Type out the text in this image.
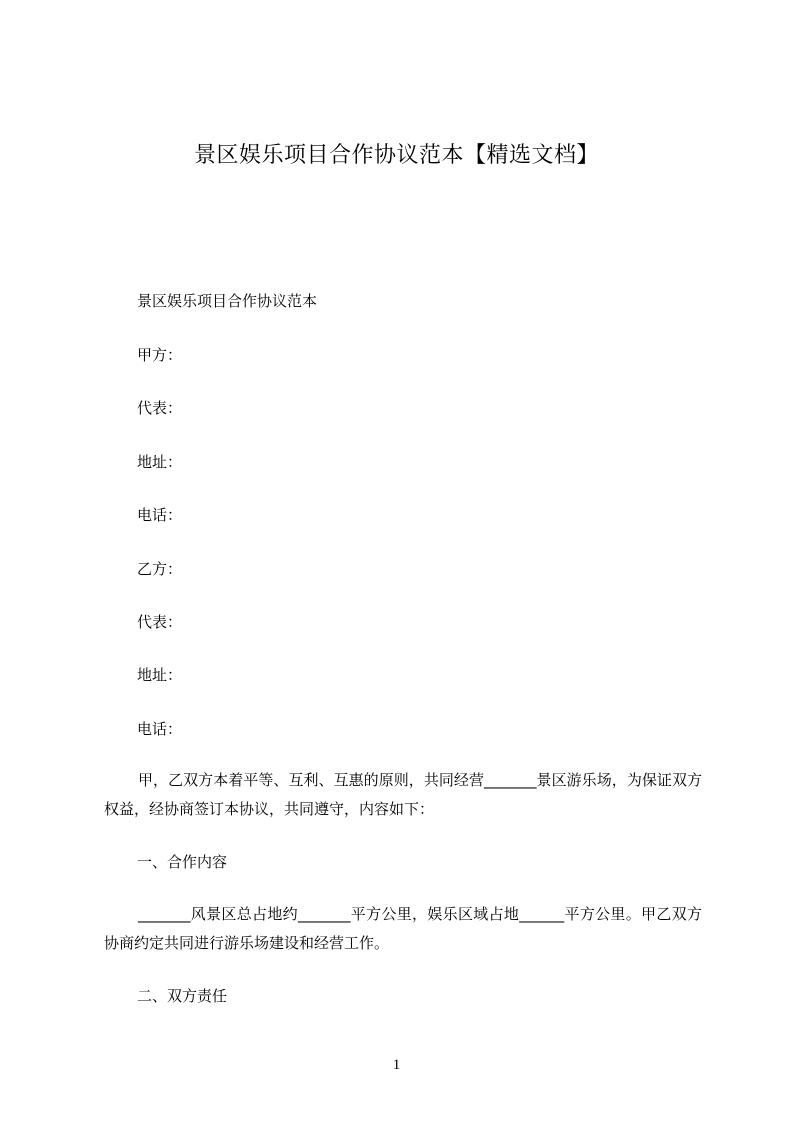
景区娱乐项目合作协议范本【精选文档】
景区娱乐项目合作协议范本
甲方：
代表：
地址：
电话：
乙方：
代表：
地址：
电话：
甲，乙双方本着平等、互利、互惠的原则，共同经营_______景区游乐场，为保证双方权益，经协商签订本协议，共同遵守，内容如下：
一、合作内容
_______风景区总占地约_______平方公里，娱乐区域占地______平方公里。甲乙双方协商约定共同进行游乐场建设和经营工作。
二、双方责任
1
